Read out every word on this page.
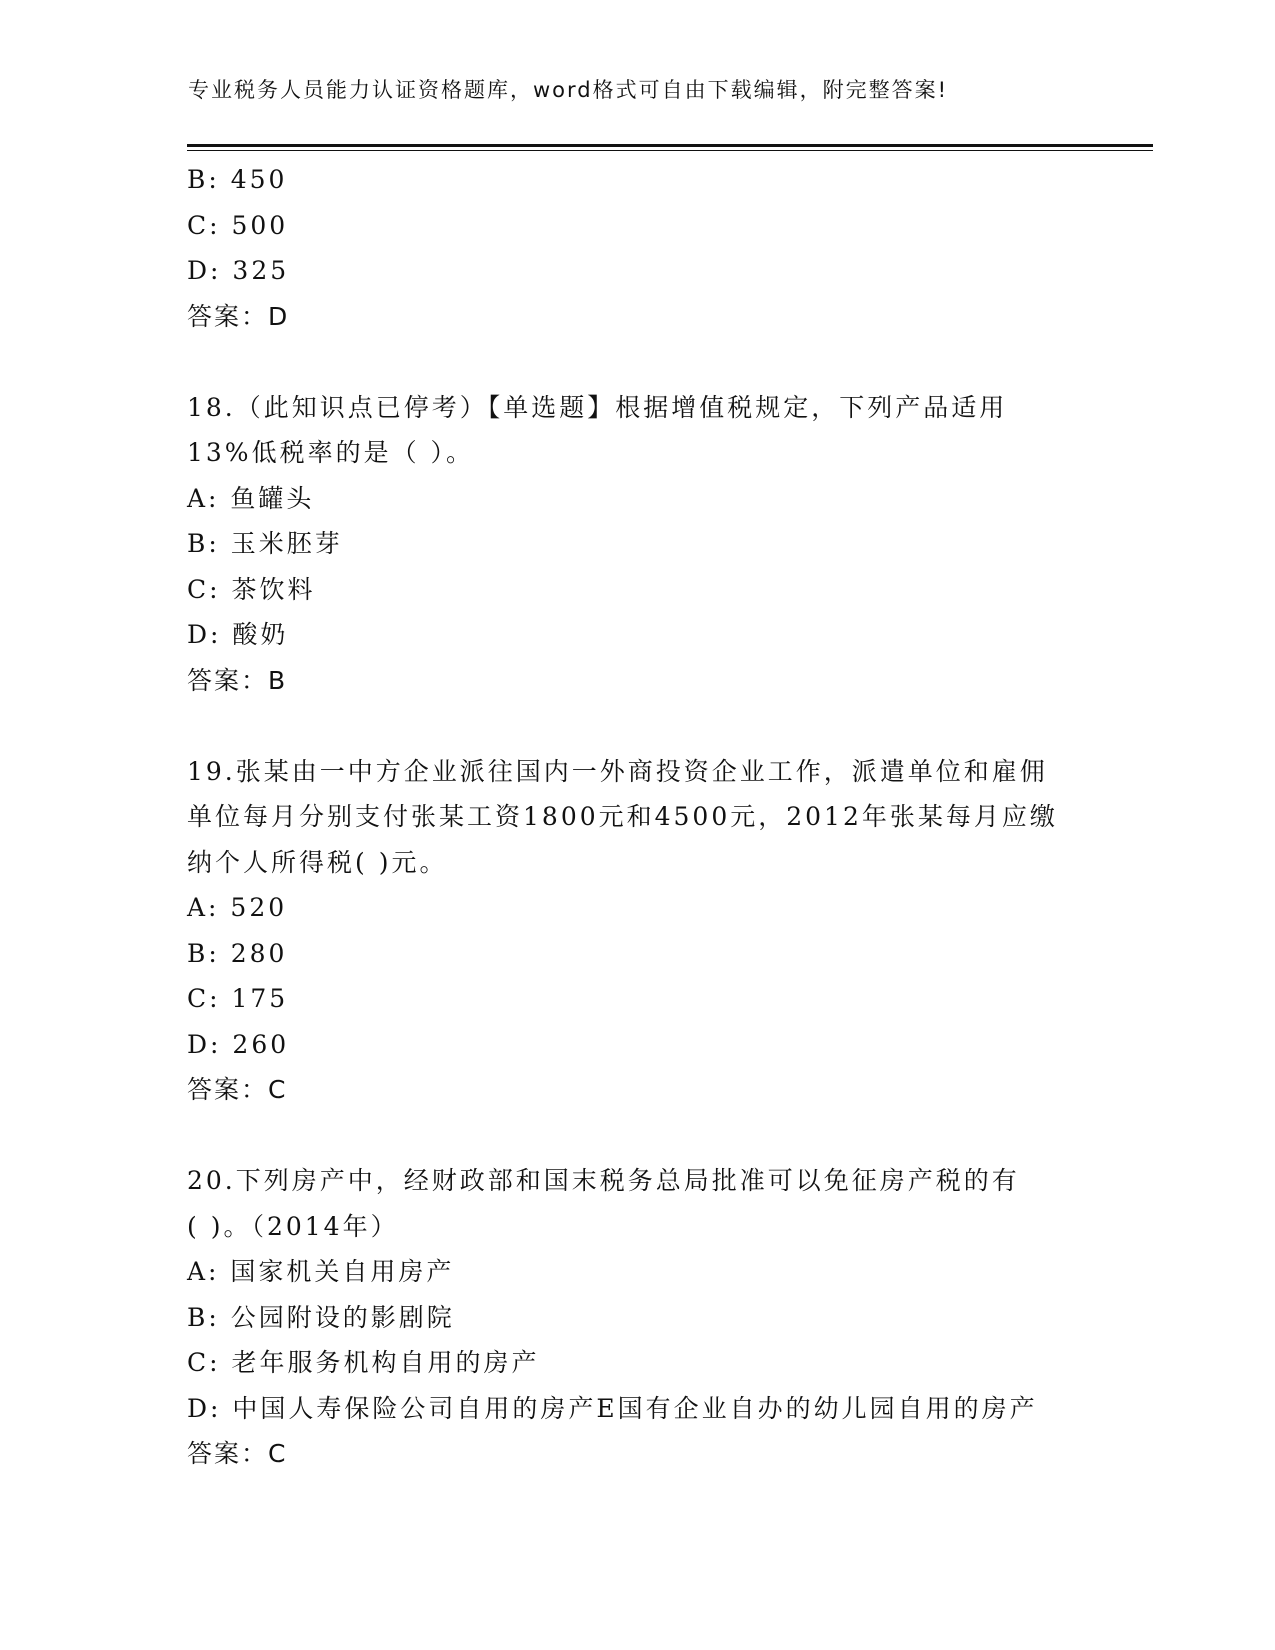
专业税务人员能力认证资格题库，word格式可自由下载编辑，附完整答案!
B: 450
C: 500
D: 325
答案：D
18.（此知识点已停考）【单选题】根据增值税规定，下列产品适用
13%低税率的是（ ）。
A: 鱼罐头
B: 玉米胚芽
C: 茶饮料
D: 酸奶
答案：B
19.张某由一中方企业派往国内一外商投资企业工作，派遣单位和雇佣
单位每月分别支付张某工资1800元和4500元，2012年张某每月应缴
纳个人所得税( )元。
A: 520
B: 280
C: 175
D: 260
答案：C
20.下列房产中，经财政部和国末税务总局批准可以免征房产税的有
( )。（2014年）
A: 国家机关自用房产
B: 公园附设的影剧院
C: 老年服务机构自用的房产
D: 中国人寿保险公司自用的房产E国有企业自办的幼儿园自用的房产
答案：C
